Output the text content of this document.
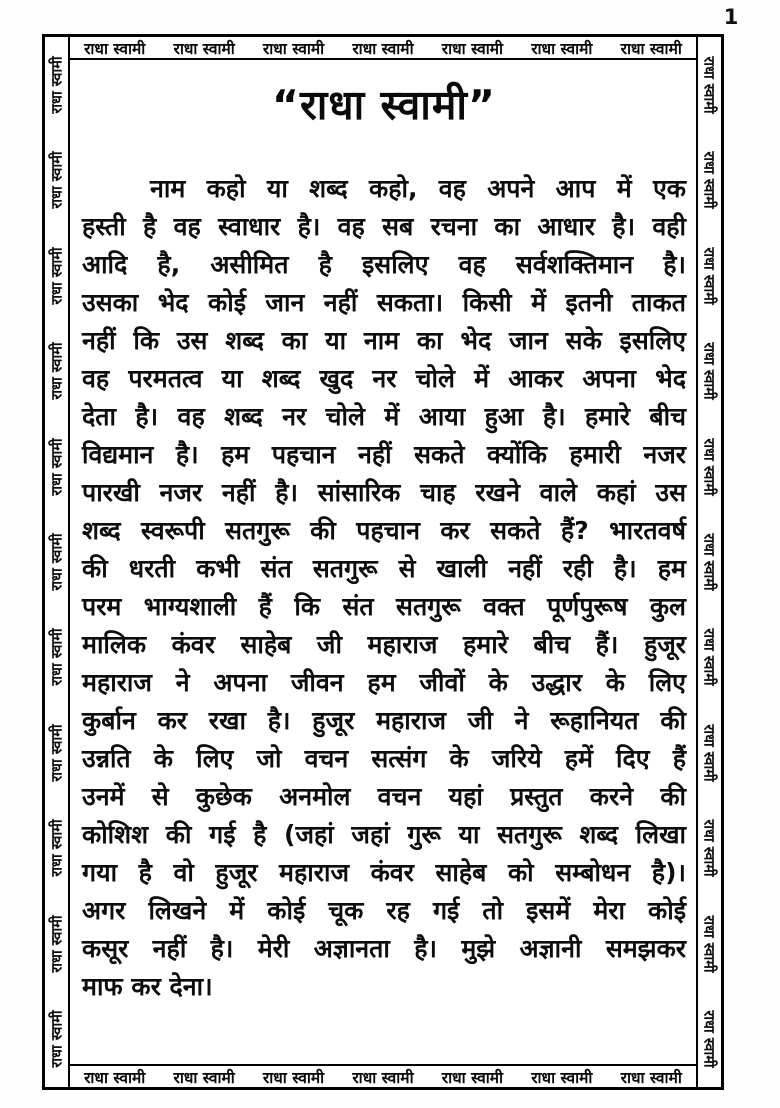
1
राधा स्वामी राधा स्वामी राधा स्वामी राधा स्वामी राधा स्वामी राधा स्वामी राधा स्वामी
राधा स्वामी राधा स्वामी राधा स्वामी राधा स्वामी राधा स्वामी राधा स्वामी राधा स्वामी
राधा स्वामी
राधा स्वामी
राधा स्वामी
राधा स्वामी
राधा स्वामी
राधा स्वामी
राधा स्वामी
राधा स्वामी
राधा स्वामी
राधा स्वामी
राधा स्वामी
राधा स्वामी
राधा स्वामी
राधा स्वामी
राधा स्वामी
राधा स्वामी
राधा स्वामी
राधा स्वामी
राधा स्वामी
राधा स्वामी
राधा स्वामी
राधा स्वामी
“राधा स्वामी”
नाम कहो या शब्द कहो, वह अपने आप में एक
हस्ती है वह स्वाधार है। वह सब रचना का आधार है। वही
आदि है, असीमित है इसलिए वह सर्वशक्तिमान है।
उसका भेद कोई जान नहीं सकता। किसी में इतनी ताकत
नहीं कि उस शब्द का या नाम का भेद जान सके इसलिए
वह परमतत्व या शब्द खुद नर चोले में आकर अपना भेद
देता है। वह शब्द नर चोले में आया हुआ है। हमारे बीच
विद्यमान है। हम पहचान नहीं सकते क्योंकि हमारी नजर
पारखी नजर नहीं है। सांसारिक चाह रखने वाले कहां उस
शब्द स्वरूपी सतगुरू की पहचान कर सकते हैं? भारतवर्ष
की धरती कभी संत सतगुरू से खाली नहीं रही है। हम
परम भाग्यशाली हैं कि संत सतगुरू वक्त पूर्णपुरूष कुल
मालिक कंवर साहेब जी महाराज हमारे बीच हैं। हुजूर
महाराज ने अपना जीवन हम जीवों के उद्धार के लिए
कुर्बान कर रखा है। हुजूर महाराज जी ने रूहानियत की
उन्नति के लिए जो वचन सत्संग के जरिये हमें दिए हैं
उनमें से कुछेक अनमोल वचन यहां प्रस्तुत करने की
कोशिश की गई है (जहां जहां गुरू या सतगुरू शब्द लिखा
गया है वो हुजूर महाराज कंवर साहेब को सम्बोधन है)।
अगर लिखने में कोई चूक रह गई तो इसमें मेरा कोई
कसूर नहीं है। मेरी अज्ञानता है। मुझे अज्ञानी समझकर
माफ कर देना।
